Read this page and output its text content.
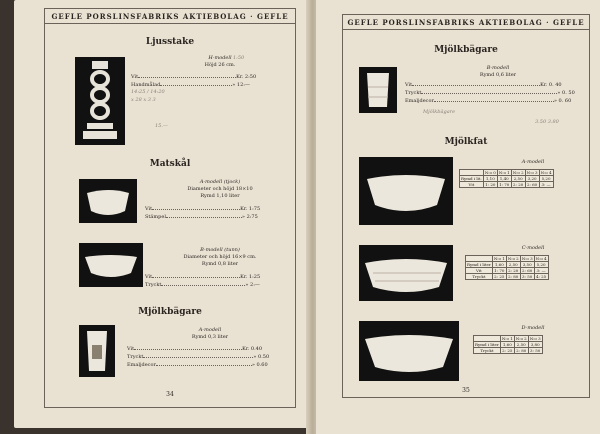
GEFLE PORSLINSFABRIKS AKTIEBOLAG · GEFLE
Ljusstake
H-modell
Höjd 26 cm.
Vit	Kr. 2:50
Handmålad	» 12:—
1:50
14:25 / 14:20
x 28 x 3 3
15.—
Matskål
A-modell (tjock)
Diameter och höjd 18×10
Rymd 1,10 liter
Vit	Kr. 1:75
Stämpel	» 2:75
B-modell (tunn)
Diameter och höjd 16×9 cm.
Rymd 0,8 liter
Vit	Kr. 1:25
Tryckt	» 2:—
Mjölkbägare
A-modell
Rymd 0,3 liter
Vit	Kr. 0.40
Tryckt	» 0.50
Emaljdecor	» 0.60
34
GEFLE PORSLINSFABRIKS AKTIEBOLAG · GEFLE
Mjölkbägare
B-modell
Rymd 0,6 liter
Vit	Kr. 0. 40
Tryckt	» 0. 50
Emaljdecor	» 0. 60
Mjölkbägare
3.50 3.80
Mjölkfat
A-modell
	N:o 0	N:o 1	N:o 2	N:o 3	N:o 4
Rymd i lit.	1,10	1,40	2,50	3,20	5,20
Vit	1: 20	1: 70	2: 20	2: 60	3: —
C-modell
	N:o 1	N:o 2	N:o 3	N:o 4
Rymd i liter	1,60	2,50	3,50	5,20
Vit	1: 70	2: 20	2: 60	3: —
Tryckt	2: 25	2: 80	3: 50	4: 25
D-modell
	N:o 1	N:o 2	N:o 3
Rymd i liter	1,60	2,50	3,80
Tryckt	2: 25	2: 80	3: 50
35
